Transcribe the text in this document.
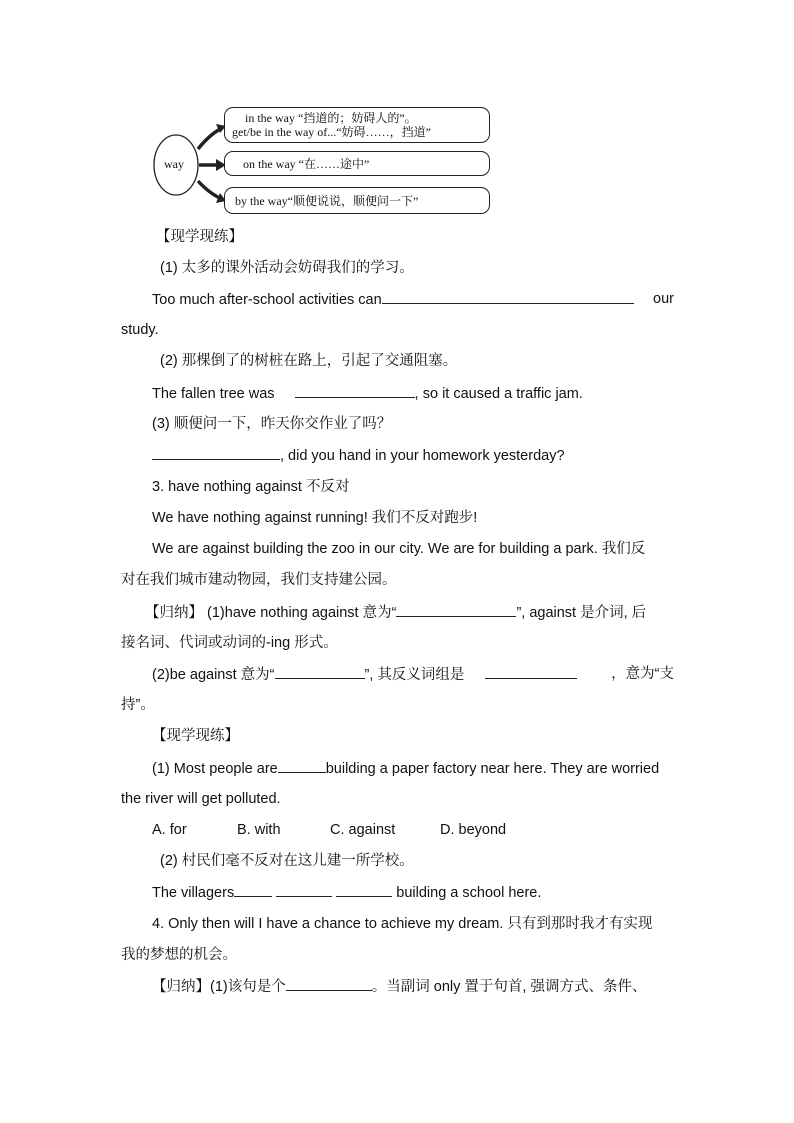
way
in the way “挡道的；妨碍人的”。
get/be in the way of...“妨碍……，挡道”
on the way “在……途中”
by the way“顺便说说，顺便问一下”
【现学现练】
(1) 太多的课外活动会妨碍我们的学习。
Too much after-school activities can	our
study.
(2) 那棵倒了的树桩在路上，引起了交通阻塞。
The fallen tree was	, so it caused a traffic jam.
(3) 顺便问一下，昨天你交作业了吗？
, did you hand in your homework yesterday?
3. have nothing against 不反对
We have nothing against running! 我们不反对跑步!
We are against building the zoo in our city. We are for building a park. 我们反
对在我们城市建动物园，我们支持建公园。
【归纳】 (1)have nothing against 意为“	”, against 是介词, 后
接名词、代词或动词的-ing 形式。
(2)be against 意为“	”, 其反义词组是	，意为“支
持”。
【现学现练】
(1) Most people are	building a paper factory near here. They are worried
the river will get polluted.
A. for	B. with	C. against	D. beyond
(2) 村民们毫不反对在这儿建一所学校。
The villagers	building a school here.
4. Only then will I have a chance to achieve my dream. 只有到那时我才有实现
我的梦想的机会。
【归纳】(1)该句是个	。当副词 only 置于句首, 强调方式、条件、
